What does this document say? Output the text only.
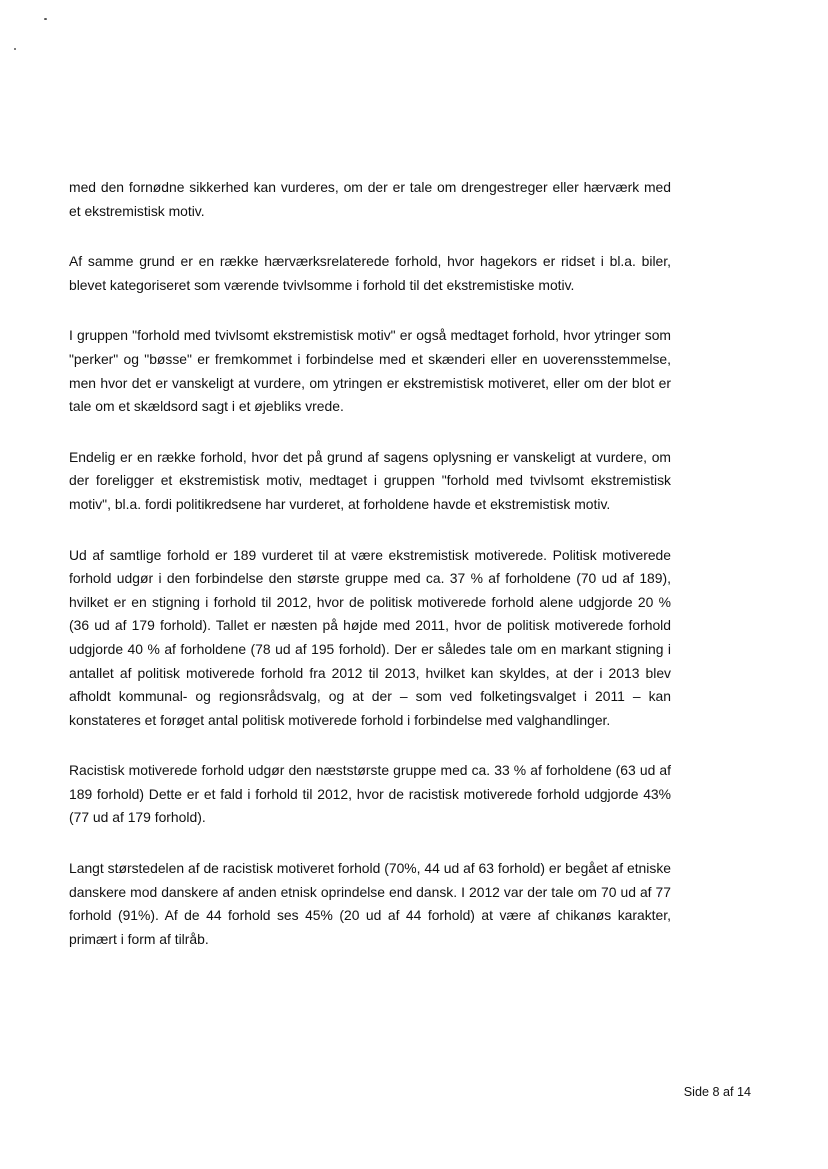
med den fornødne sikkerhed kan vurderes, om der er tale om drengestreger eller hærværk med et ekstremistisk motiv.

Af samme grund er en række hærværksrelaterede forhold, hvor hagekors er ridset i bl.a. biler, blevet kategoriseret som værende tvivlsomme i forhold til det ekstremistiske motiv.

I gruppen "forhold med tvivlsomt ekstremistisk motiv" er også medtaget forhold, hvor ytringer som "perker" og "bøsse" er fremkommet i forbindelse med et skænderi eller en uoverensstemmelse, men hvor det er vanskeligt at vurdere, om ytringen er ekstremistisk motiveret, eller om der blot er tale om et skældsord sagt i et øjebliks vrede.

Endelig er en række forhold, hvor det på grund af sagens oplysning er vanskeligt at vurdere, om der foreligger et ekstremistisk motiv, medtaget i gruppen "forhold med tvivlsomt ekstremistisk motiv", bl.a. fordi politikredsene har vurderet, at forholdene havde et ekstremistisk motiv.

Ud af samtlige forhold er 189 vurderet til at være ekstremistisk motiverede. Politisk motiverede forhold udgør i den forbindelse den største gruppe med ca. 37 % af forholdene (70 ud af 189), hvilket er en stigning i forhold til 2012, hvor de politisk motiverede forhold alene udgjorde 20 % (36 ud af 179 forhold). Tallet er næsten på højde med 2011, hvor de politisk motiverede forhold udgjorde 40 % af forholdene (78 ud af 195 forhold). Der er således tale om en markant stigning i antallet af politisk motiverede forhold fra 2012 til 2013, hvilket kan skyldes, at der i 2013 blev afholdt kommunal- og regionsrådsvalg, og at der – som ved folketingsvalget i 2011 – kan konstateres et forøget antal politisk motiverede forhold i forbindelse med valghandlinger.

Racistisk motiverede forhold udgør den næststørste gruppe med ca. 33 % af forholdene (63 ud af 189 forhold) Dette er et fald i forhold til 2012, hvor de racistisk motiverede forhold udgjorde 43% (77 ud af 179 forhold).

Langt størstedelen af de racistisk motiveret forhold (70%, 44 ud af 63 forhold) er begået af etniske danskere mod danskere af anden etnisk oprindelse end dansk. I 2012 var der tale om 70 ud af 77 forhold (91%). Af de 44 forhold ses 45% (20 ud af 44 forhold) at være af chikanøs karakter, primært i form af tilråb.

Side 8 af 14
